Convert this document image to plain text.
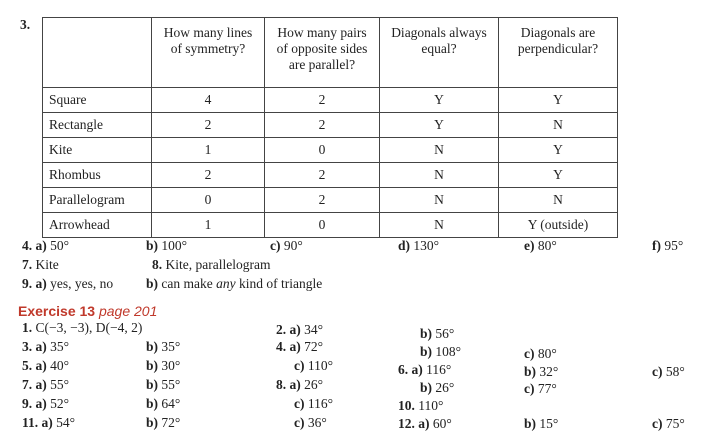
3.
	How many lines of symmetry?	How many pairs of opposite sides are parallel?	Diagonals always equal?	Diagonals are perpendicular?
Square	4	2	Y	Y
Rectangle	2	2	Y	N
Kite	1	0	N	Y
Rhombus	2	2	N	Y
Parallelogram	0	2	N	N
Arrowhead	1	0	N	Y (outside)
4. a) 50°	b) 100°	c) 90°	d) 130°	e) 80°	f) 95°
7. Kite	8. Kite, parallelogram
9. a) yes, yes, no b) can make any kind of triangle
Exercise 13 page 201
1. C(−3, −3), D(−4, 2)	2. a) 34°	b) 56°
3. a) 35°	b) 35°	4. a) 72°	b) 108°	c) 80°
5. a) 40°	b) 30°	c) 110°	6. a) 116°	b) 32°	c) 58°
7. a) 55°	b) 55°	8. a) 26°	b) 26°	c) 77°
9. a) 52°	b) 64°	c) 116°	10. 110°
11. a) 54°	b) 72°	c) 36°	12. a) 60°	b) 15°	c) 75°
